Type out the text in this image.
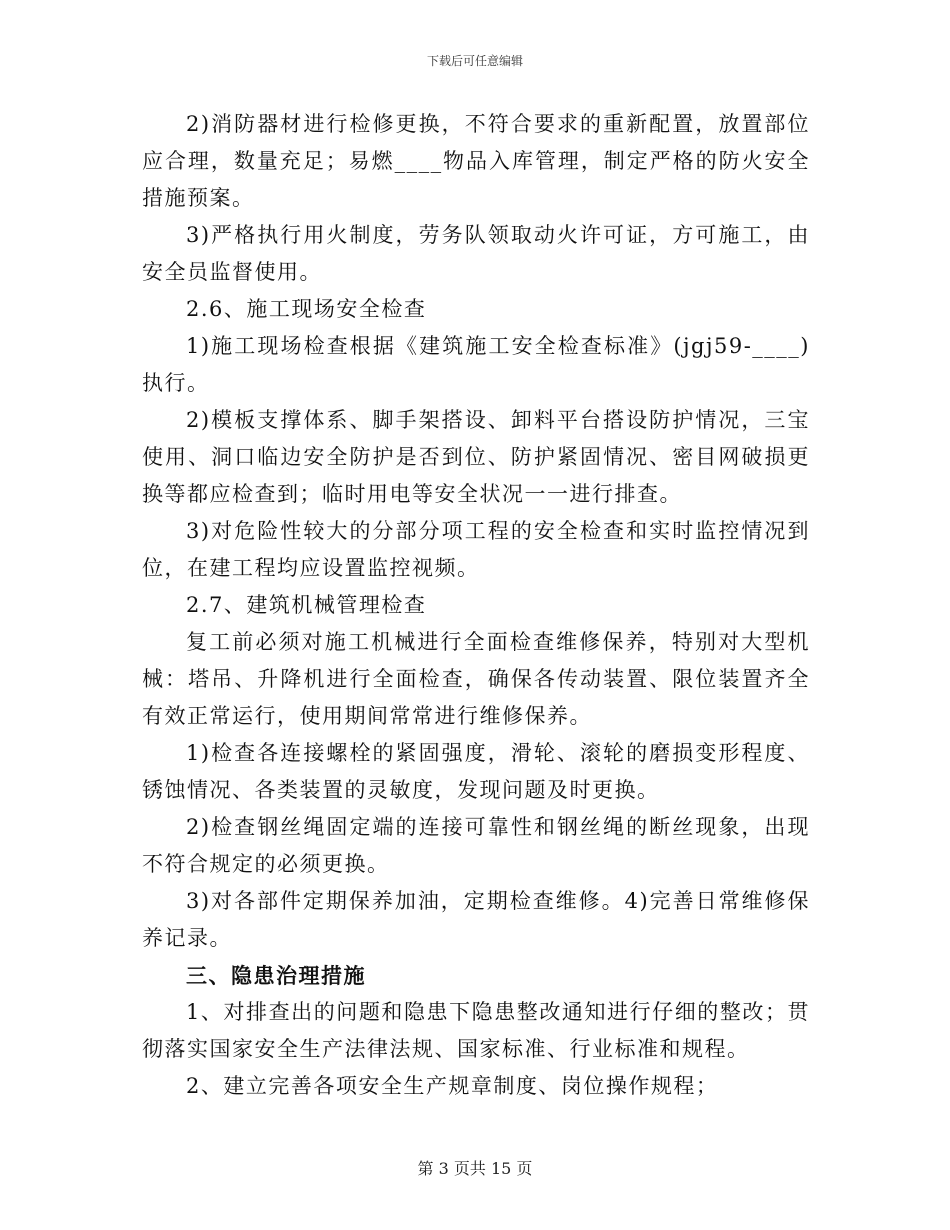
下载后可任意编辑

2)消防器材进行检修更换，不符合要求的重新配置，放置部位应合理，数量充足；易燃____物品入库管理，制定严格的防火安全措施预案。

3)严格执行用火制度，劳务队领取动火许可证，方可施工，由安全员监督使用。

2.6、施工现场安全检查

1)施工现场检查根据《建筑施工安全检查标准》(jgj59-____)执行。

2)模板支撑体系、脚手架搭设、卸料平台搭设防护情况，三宝使用、洞口临边安全防护是否到位、防护紧固情况、密目网破损更换等都应检查到；临时用电等安全状况一一进行排查。

3)对危险性较大的分部分项工程的安全检查和实时监控情况到位，在建工程均应设置监控视频。

2.7、建筑机械管理检查

复工前必须对施工机械进行全面检查维修保养，特别对大型机械：塔吊、升降机进行全面检查，确保各传动装置、限位装置齐全有效正常运行，使用期间常常进行维修保养。

1)检查各连接螺栓的紧固强度，滑轮、滚轮的磨损变形程度、锈蚀情况、各类装置的灵敏度，发现问题及时更换。

2)检查钢丝绳固定端的连接可靠性和钢丝绳的断丝现象，出现不符合规定的必须更换。

3)对各部件定期保养加油，定期检查维修。4)完善日常维修保养记录。

三、隐患治理措施

1、对排查出的问题和隐患下隐患整改通知进行仔细的整改；贯彻落实国家安全生产法律法规、国家标准、行业标准和规程。

2、建立完善各项安全生产规章制度、岗位操作规程；

第 3 页共 15 页
